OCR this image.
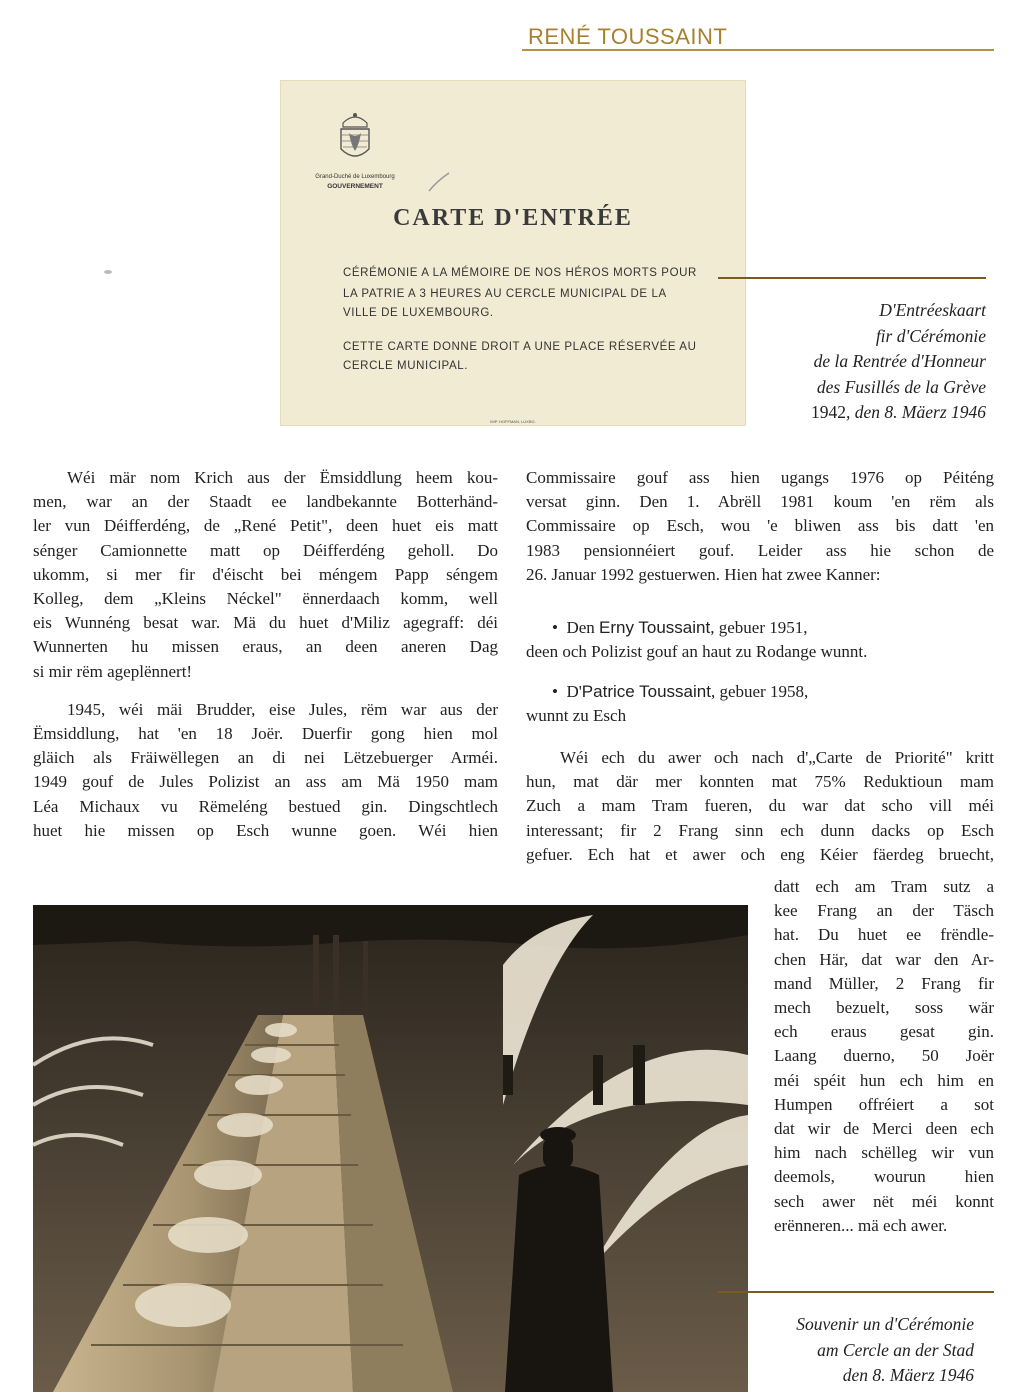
RENÉ TOUSSAINT
Grand-Duché de Luxembourg
GOUVERNEMENT
CARTE D'ENTRÉE
CÉRÉMONIE A LA MÉMOIRE DE NOS HÉROS MORTS POUR
LA PATRIE A 3 HEURES AU CERCLE MUNICIPAL DE LA
VILLE DE LUXEMBOURG.
CETTE CARTE DONNE DROIT A UNE PLACE RÉSERVÉE AU
CERCLE MUNICIPAL.
IMP. HOFFMAN, LUXBG.
D'Entréeskaart
fir d'Cérémonie
de la Rentrée d'Honneur
des Fusillés de la Grève
1942, den 8. Mäerz 1946

Wéi mär nom Krich aus der Ëmsiddlung heem kou-
men, war an der Staadt ee landbekannte Botterhänd-
ler vun Déifferdéng, de „René Petit", deen huet eis matt
sénger Camionnette matt op Déifferdéng geholl. Do
ukomm, si mer fir d'éischt bei méngem Papp séngem
Kolleg, dem „Kleins Néckel" ënnerdaach komm, well
eis Wunnéng besat war. Mä du huet d'Miliz agegraff: déi
Wunnerten hu missen eraus, an deen aneren Dag
si mir rëm ageplënnert!

1945, wéi mäi Brudder, eise Jules, rëm war aus der
Ëmsiddlung, hat 'en 18 Joër. Duerfir gong hien mol
gläich als Fräiwëllegen an di nei Lëtzebuerger Arméi.
1949 gouf de Jules Polizist an ass am Mä 1950 mam
Léa Michaux vu Rëmeléng bestued gin. Dingschtlech
huet hie missen op Esch wunne goen. Wéi hien

Commissaire gouf ass hien ugangs 1976 op Péiténg
versat ginn. Den 1. Abrëll 1981 koum 'en rëm als
Commissaire op Esch, wou 'e bliwen ass bis datt 'en
1983 pensionnéiert gouf. Leider ass hie schon de
26. Januar 1992 gestuerwen. Hien hat zwee Kanner:

•  Den Erny Toussaint, gebuer 1951,
deen och Polizist gouf an haut zu Rodange wunnt.
•  D'Patrice Toussaint, gebuer 1958,
wunnt zu Esch

Wéi ech du awer och nach d'„Carte de Priorité" kritt
hun, mat där mer konnten mat 75% Reduktioun mam
Zuch a mam Tram fueren, du war dat scho vill méi
interessant; fir 2 Frang sinn ech dunn dacks op Esch
gefuer. Ech hat et awer och eng Kéier fäerdeg bruecht,

datt ech am Tram sutz a
kee Frang an der Täsch
hat. Du huet ee frëndle-
chen Här, dat war den Ar-
mand Müller, 2 Frang fir
mech bezuelt, soss wär
ech eraus gesat gin.
Laang duerno, 50 Joër
méi spéit hun ech him en
Humpen offréiert a sot
dat wir de Merci deen ech
him nach schëlleg wir vun
deemols, wourun hien
sech awer nët méi konnt
erënneren... mä ech awer.

Souvenir un d'Cérémonie
am Cercle an der Stad
den 8. Mäerz 1946
